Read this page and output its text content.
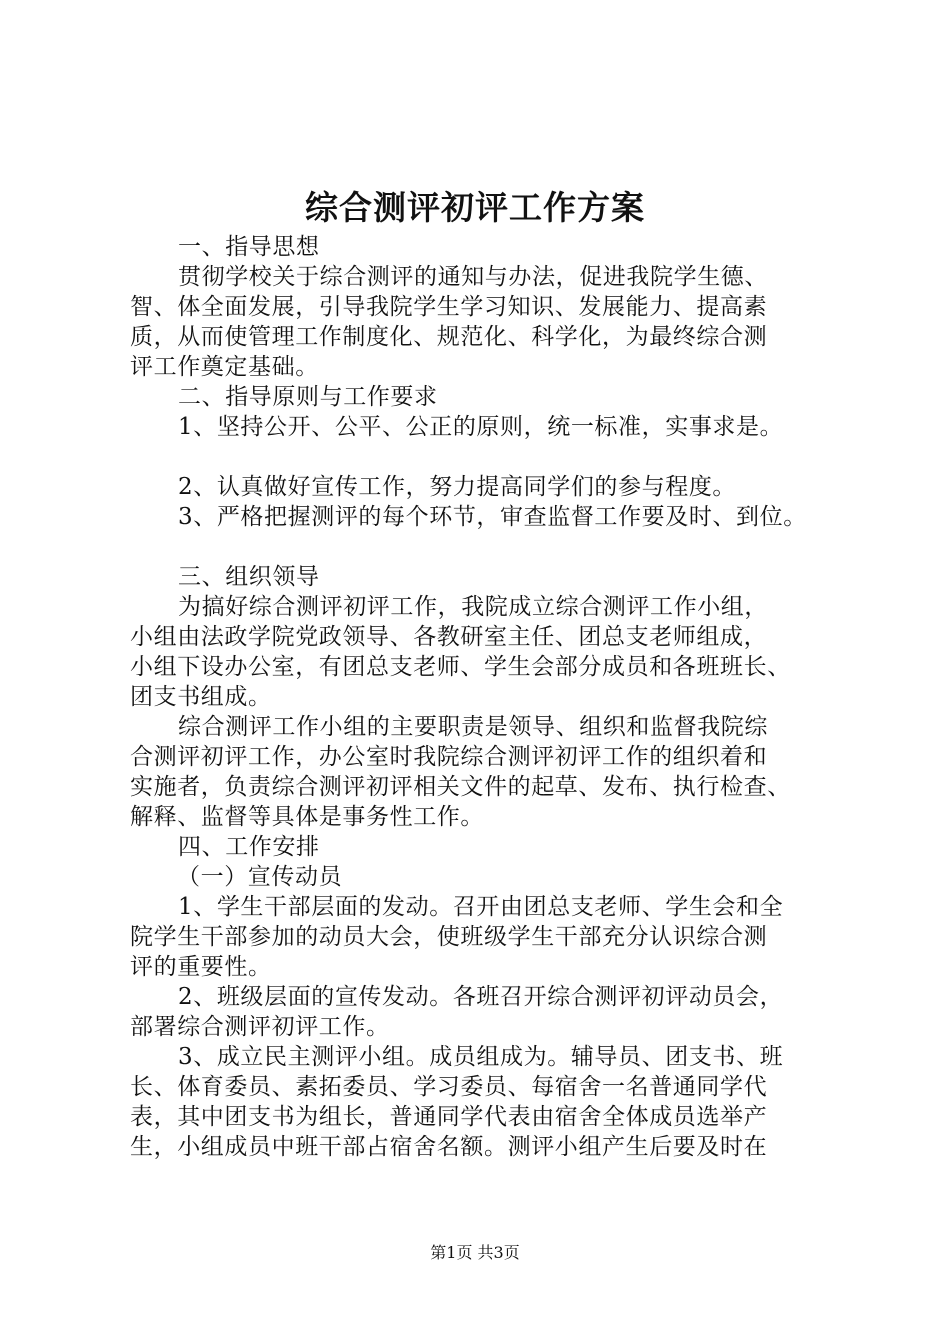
综合测评初评工作方案
一、指导思想
贯彻学校关于综合测评的通知与办法，促进我院学生德、
智、体全面发展，引导我院学生学习知识、发展能力、提高素
质，从而使管理工作制度化、规范化、科学化，为最终综合测
评工作奠定基础。
二、指导原则与工作要求
1、坚持公开、公平、公正的原则，统一标准，实事求是。
2、认真做好宣传工作，努力提高同学们的参与程度。
3、严格把握测评的每个环节，审查监督工作要及时、到位。
三、组织领导
为搞好综合测评初评工作，我院成立综合测评工作小组，
小组由法政学院党政领导、各教研室主任、团总支老师组成，
小组下设办公室，有团总支老师、学生会部分成员和各班班长、
团支书组成。
综合测评工作小组的主要职责是领导、组织和监督我院综
合测评初评工作，办公室时我院综合测评初评工作的组织着和
实施者，负责综合测评初评相关文件的起草、发布、执行检查、
解释、监督等具体是事务性工作。
四、工作安排
（一）宣传动员
1、学生干部层面的发动。召开由团总支老师、学生会和全
院学生干部参加的动员大会，使班级学生干部充分认识综合测
评的重要性。
2、班级层面的宣传发动。各班召开综合测评初评动员会，
部署综合测评初评工作。
3、成立民主测评小组。成员组成为。辅导员、团支书、班
长、体育委员、素拓委员、学习委员、每宿舍一名普通同学代
表，其中团支书为组长，普通同学代表由宿舍全体成员选举产
生，小组成员中班干部占宿舍名额。测评小组产生后要及时在
第1页 共3页
